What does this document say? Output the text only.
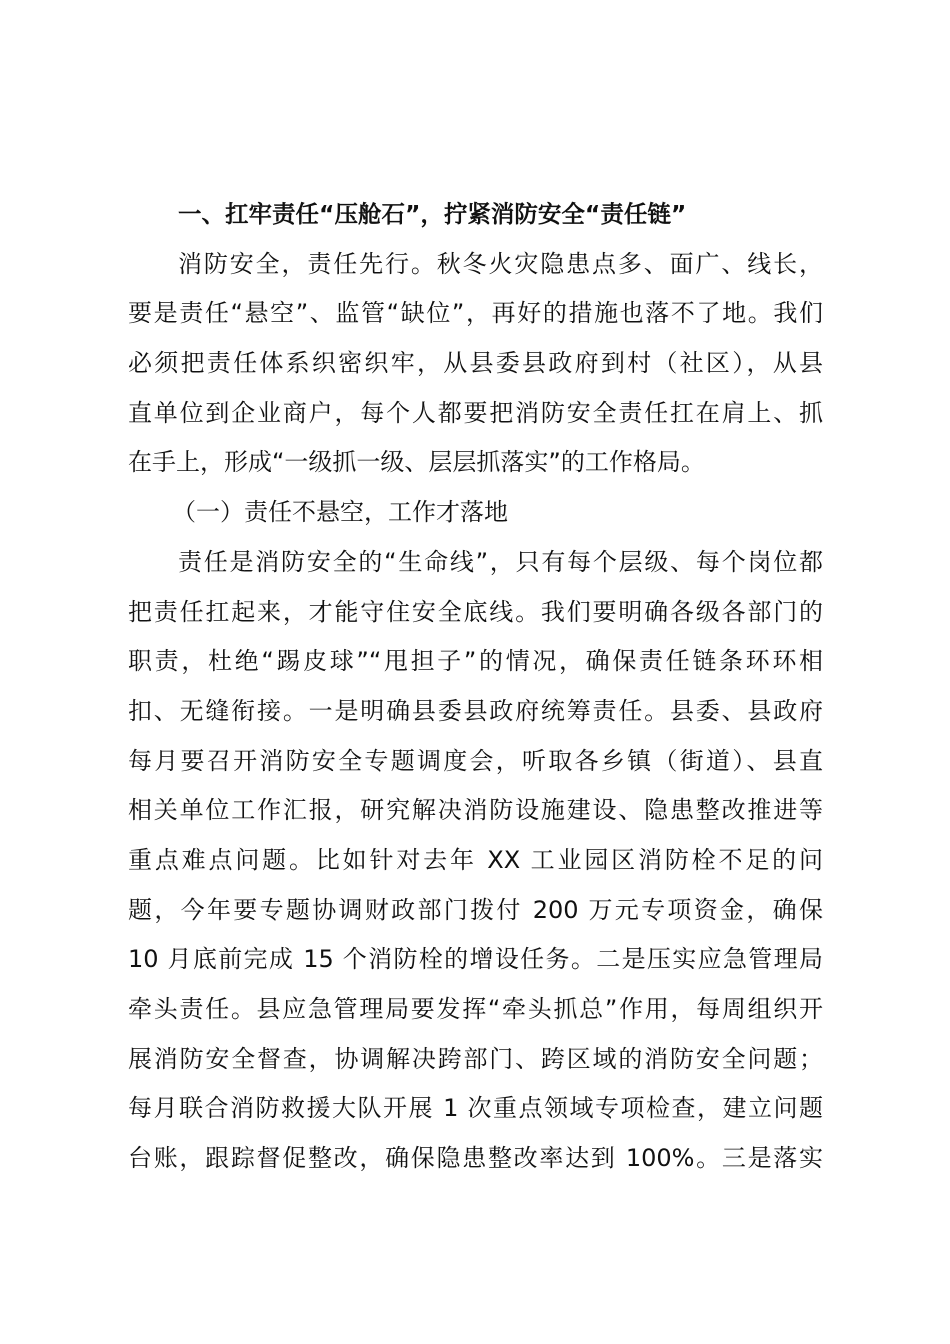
一、扛牢责任“压舱石”，拧紧消防安全“责任链”
消防安全，责任先行。秋冬火灾隐患点多、面广、线长，
要是责任“悬空”、监管“缺位”，再好的措施也落不了地。我们
必须把责任体系织密织牢，从县委县政府到村（社区），从县
直单位到企业商户，每个人都要把消防安全责任扛在肩上、抓
在手上，形成“一级抓一级、层层抓落实”的工作格局。
（一）责任不悬空，工作才落地
责任是消防安全的“生命线”，只有每个层级、每个岗位都
把责任扛起来，才能守住安全底线。我们要明确各级各部门的
职责，杜绝“踢皮球”“甩担子”的情况，确保责任链条环环相
扣、无缝衔接。一是明确县委县政府统筹责任。县委、县政府
每月要召开消防安全专题调度会，听取各乡镇（街道）、县直
相关单位工作汇报，研究解决消防设施建设、隐患整改推进等
重点难点问题。比如针对去年 XX 工业园区消防栓不足的问
题，今年要专题协调财政部门拨付 200 万元专项资金，确保
10 月底前完成 15 个消防栓的增设任务。二是压实应急管理局
牵头责任。县应急管理局要发挥“牵头抓总”作用，每周组织开
展消防安全督查，协调解决跨部门、跨区域的消防安全问题；
每月联合消防救援大队开展 1 次重点领域专项检查，建立问题
台账，跟踪督促整改，确保隐患整改率达到 100%。三是落实
